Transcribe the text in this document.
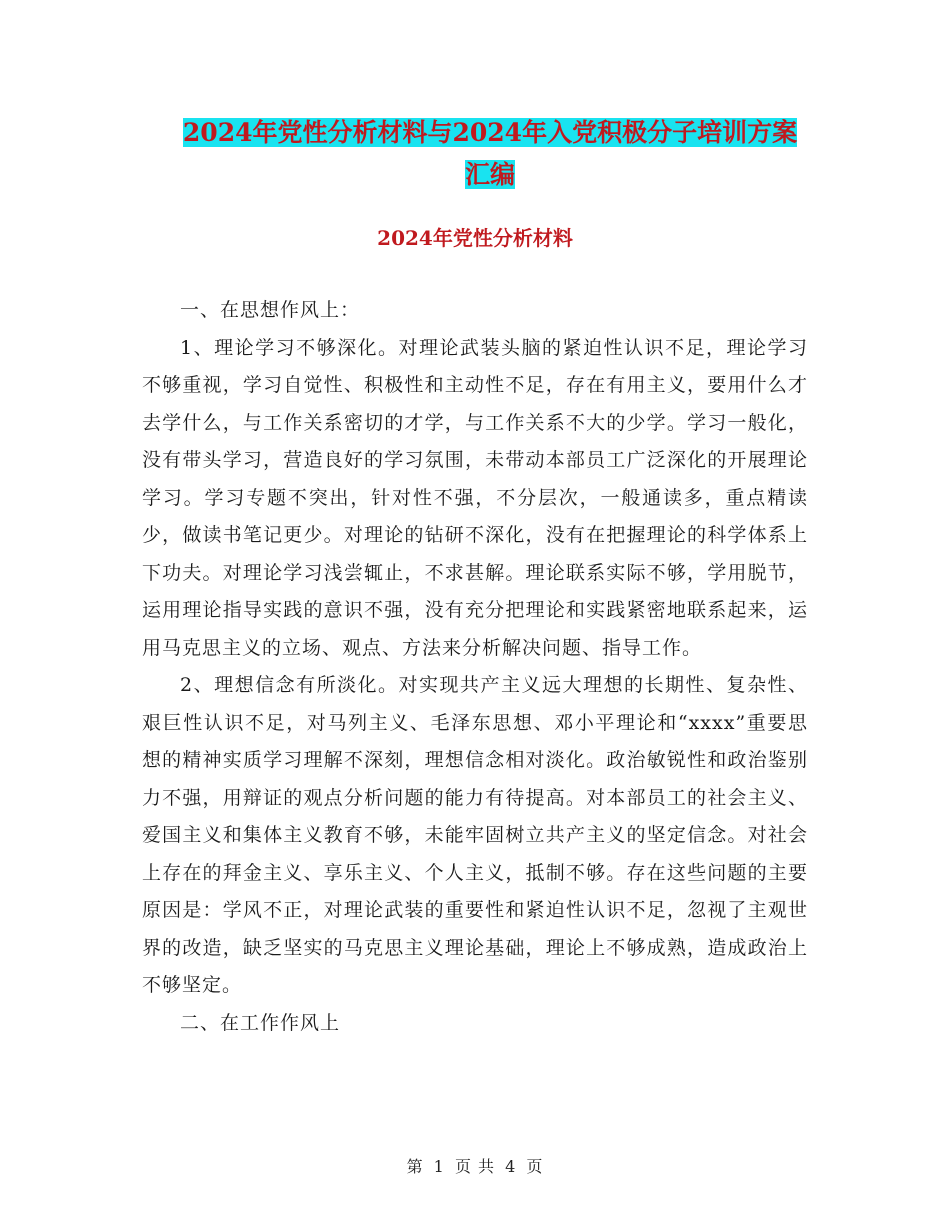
2024年党性分析材料与2024年入党积极分子培训方案
汇编
2024年党性分析材料

一、在思想作风上：

1、理论学习不够深化。对理论武装头脑的紧迫性认识不足，理论学习不够重视，学习自觉性、积极性和主动性不足，存在有用主义，要用什么才去学什么，与工作关系密切的才学，与工作关系不大的少学。学习一般化，没有带头学习，营造良好的学习氛围，未带动本部员工广泛深化的开展理论学习。学习专题不突出，针对性不强，不分层次，一般通读多，重点精读少，做读书笔记更少。对理论的钻研不深化，没有在把握理论的科学体系上下功夫。对理论学习浅尝辄止，不求甚解。理论联系实际不够，学用脱节，运用理论指导实践的意识不强，没有充分把理论和实践紧密地联系起来，运用马克思主义的立场、观点、方法来分析解决问题、指导工作。

2、理想信念有所淡化。对实现共产主义远大理想的长期性、复杂性、艰巨性认识不足，对马列主义、毛泽东思想、邓小平理论和“xxxx”重要思想的精神实质学习理解不深刻，理想信念相对淡化。政治敏锐性和政治鉴别力不强，用辩证的观点分析问题的能力有待提高。对本部员工的社会主义、爱国主义和集体主义教育不够，未能牢固树立共产主义的坚定信念。对社会上存在的拜金主义、享乐主义、个人主义，抵制不够。存在这些问题的主要原因是：学风不正，对理论武装的重要性和紧迫性认识不足，忽视了主观世界的改造，缺乏坚实的马克思主义理论基础，理论上不够成熟，造成政治上不够坚定。

二、在工作作风上

第 1 页 共 4 页
